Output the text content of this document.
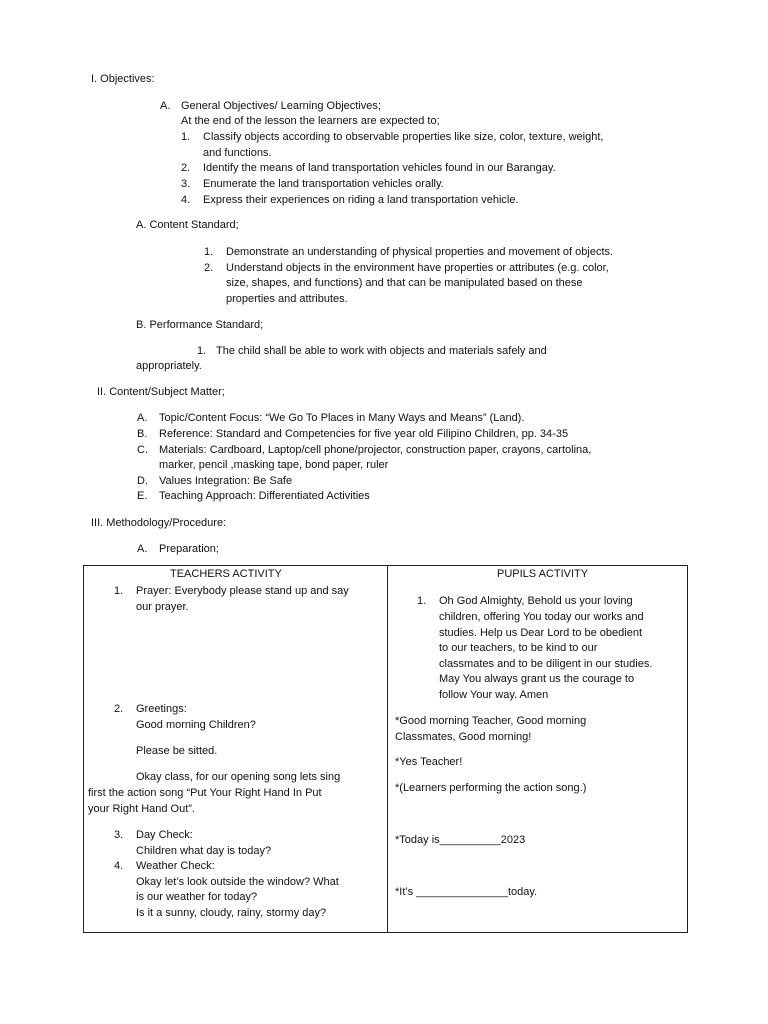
I. Objectives:
A. General Objectives/ Learning Objectives;
At the end of the lesson the learners are expected to;
1. Classify objects according to observable properties like size, color, texture, weight,
and functions.
2. Identify the means of land transportation vehicles found in our Barangay.
3. Enumerate the land transportation vehicles orally.
4. Express their experiences on riding a land transportation vehicle.
A. Content Standard;
1. Demonstrate an understanding of physical properties and movement of objects.
2. Understand objects in the environment have properties or attributes (e.g. color,
size, shapes, and functions) and that can be manipulated based on these
properties and attributes.
B. Performance Standard;
1. The child shall be able to work with objects and materials safely and
appropriately.
II. Content/Subject Matter;
A. Topic/Content Focus: “We Go To Places in Many Ways and Means” (Land).
B. Reference: Standard and Competencies for five year old Filipino Children, pp. 34-35
C. Materials: Cardboard, Laptop/cell phone/projector, construction paper, crayons, cartolina,
marker, pencil ,masking tape, bond paper, ruler
D. Values Integration: Be Safe
E. Teaching Approach: Differentiated Activities
III. Methodology/Procedure:
A. Preparation;
TEACHERS ACTIVITY
1. Prayer: Everybody please stand up and say
our prayer.
2. Greetings:
Good morning Children?
Please be sitted.
Okay class, for our opening song lets sing
first the action song “Put Your Right Hand In Put
your Right Hand Out”.
3. Day Check:
Children what day is today?
4. Weather Check:
Okay let’s look outside the window? What
is our weather for today?
Is it a sunny, cloudy, rainy, stormy day?
PUPILS ACTIVITY
1. Oh God Almighty, Behold us your loving
children, offering You today our works and
studies. Help us Dear Lord to be obedient
to our teachers, to be kind to our
classmates and to be diligent in our studies.
May You always grant us the courage to
follow Your way. Amen
*Good morning Teacher, Good morning
Classmates, Good morning!
*Yes Teacher!
*(Learners performing the action song.)
*Today is__________2023
*It’s _______________today.
